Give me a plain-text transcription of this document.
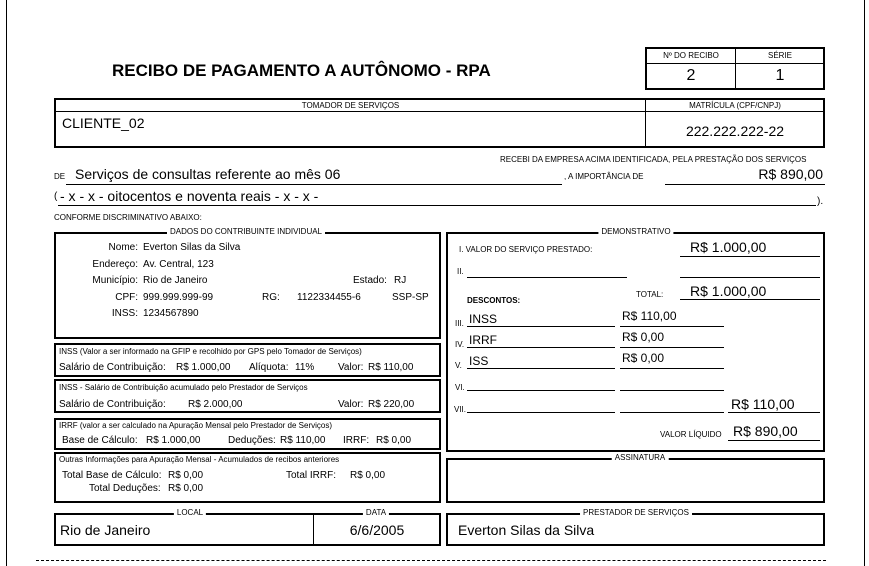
RECIBO DE PAGAMENTO A AUTÔNOMO - RPA
Nº DO RECIBO	SÉRIE
2	1
TOMADOR DE SERVIÇOS	MATRÍCULA (CPF/CNPJ)
CLIENTE_02	222.222.222-22
RECEBI DA EMPRESA ACIMA IDENTIFICADA, PELA PRESTAÇÃO DOS SERVIÇOS
DE Serviços de consultas referente ao mês 06	, A IMPORTÂNCIA DE	R$ 890,00
( - x - x - oitocentos e noventa reais - x - x -	).
CONFORME DISCRIMINATIVO ABAIXO:
DADOS DO CONTRIBUINTE INDIVIDUAL
Nome: Everton Silas da Silva
Endereço: Av. Central, 123
Município: Rio de Janeiro	Estado: RJ
CPF: 999.999.999-99	RG: 1122334455-6	SSP-SP
INSS: 1234567890
INSS (Valor a ser informado na GFIP e recolhido por GPS pelo Tomador de Serviços)
Salário de Contribuição: R$ 1.000,00 Alíquota: 11% Valor: R$ 110,00
INSS - Salário de Contribuição acumulado pelo Prestador de Serviços
Salário de Contribuição: R$ 2.000,00	Valor: R$ 220,00
IRRF (valor a ser calculado na Apuração Mensal pelo Prestador de Serviços)
Base de Cálculo: R$ 1.000,00	Deduções: R$ 110,00 IRRF: R$ 0,00
Outras Informações para Apuração Mensal - Acumulados de recibos anteriores
Total Base de Cálculo: R$ 0,00	Total IRRF: R$ 0,00
Total Deduções: R$ 0,00
DEMONSTRATIVO
I. VALOR DO SERVIÇO PRESTADO:	R$ 1.000,00
II.
TOTAL: R$ 1.000,00
DESCONTOS:
III. INSS	R$ 110,00
IV. IRRF	R$ 0,00
V. ISS	R$ 0,00
VI.
VII.	R$ 110,00
VALOR LÍQUIDO R$ 890,00
ASSINATURA
LOCAL	DATA
Rio de Janeiro	6/6/2005
PRESTADOR DE SERVIÇOS
Everton Silas da Silva
